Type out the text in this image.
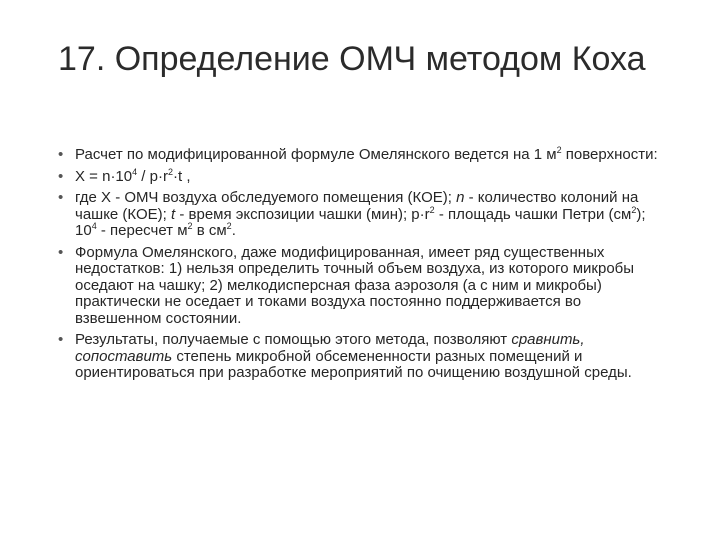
17. Определение ОМЧ методом Коха
• Расчет по модифицированной формуле Омелянского ведется на 1 $м^2$ поверхности:
• $Х = n\cdot 10^4 / p\cdot r^2\cdot t$ ,
• где Х - ОМЧ воздуха обследуемого помещения (КОЕ); n - количество колоний на чашке (КОЕ); t - время экспозиции чашки (мин); $p\cdot r^2$ - площадь чашки Петри $(см^2)$; $10^4$ - пересчет $м^2$ в $см^2$.
• Формула Омелянского, даже модифицированная, имеет ряд существенных недостатков: 1) нельзя определить точный объем воздуха, из которого микробы оседают на чашку; 2) мелкодисперсная фаза аэрозоля (а с ним и микробы) практически не оседает и токами воздуха постоянно поддерживается во взвешенном состоянии.
• Результаты, получаемые с помощью этого метода, позволяют сравнить, сопоставить степень микробной обсемененности разных помещений и ориентироваться при разработке мероприятий по очищению воздушной среды.
